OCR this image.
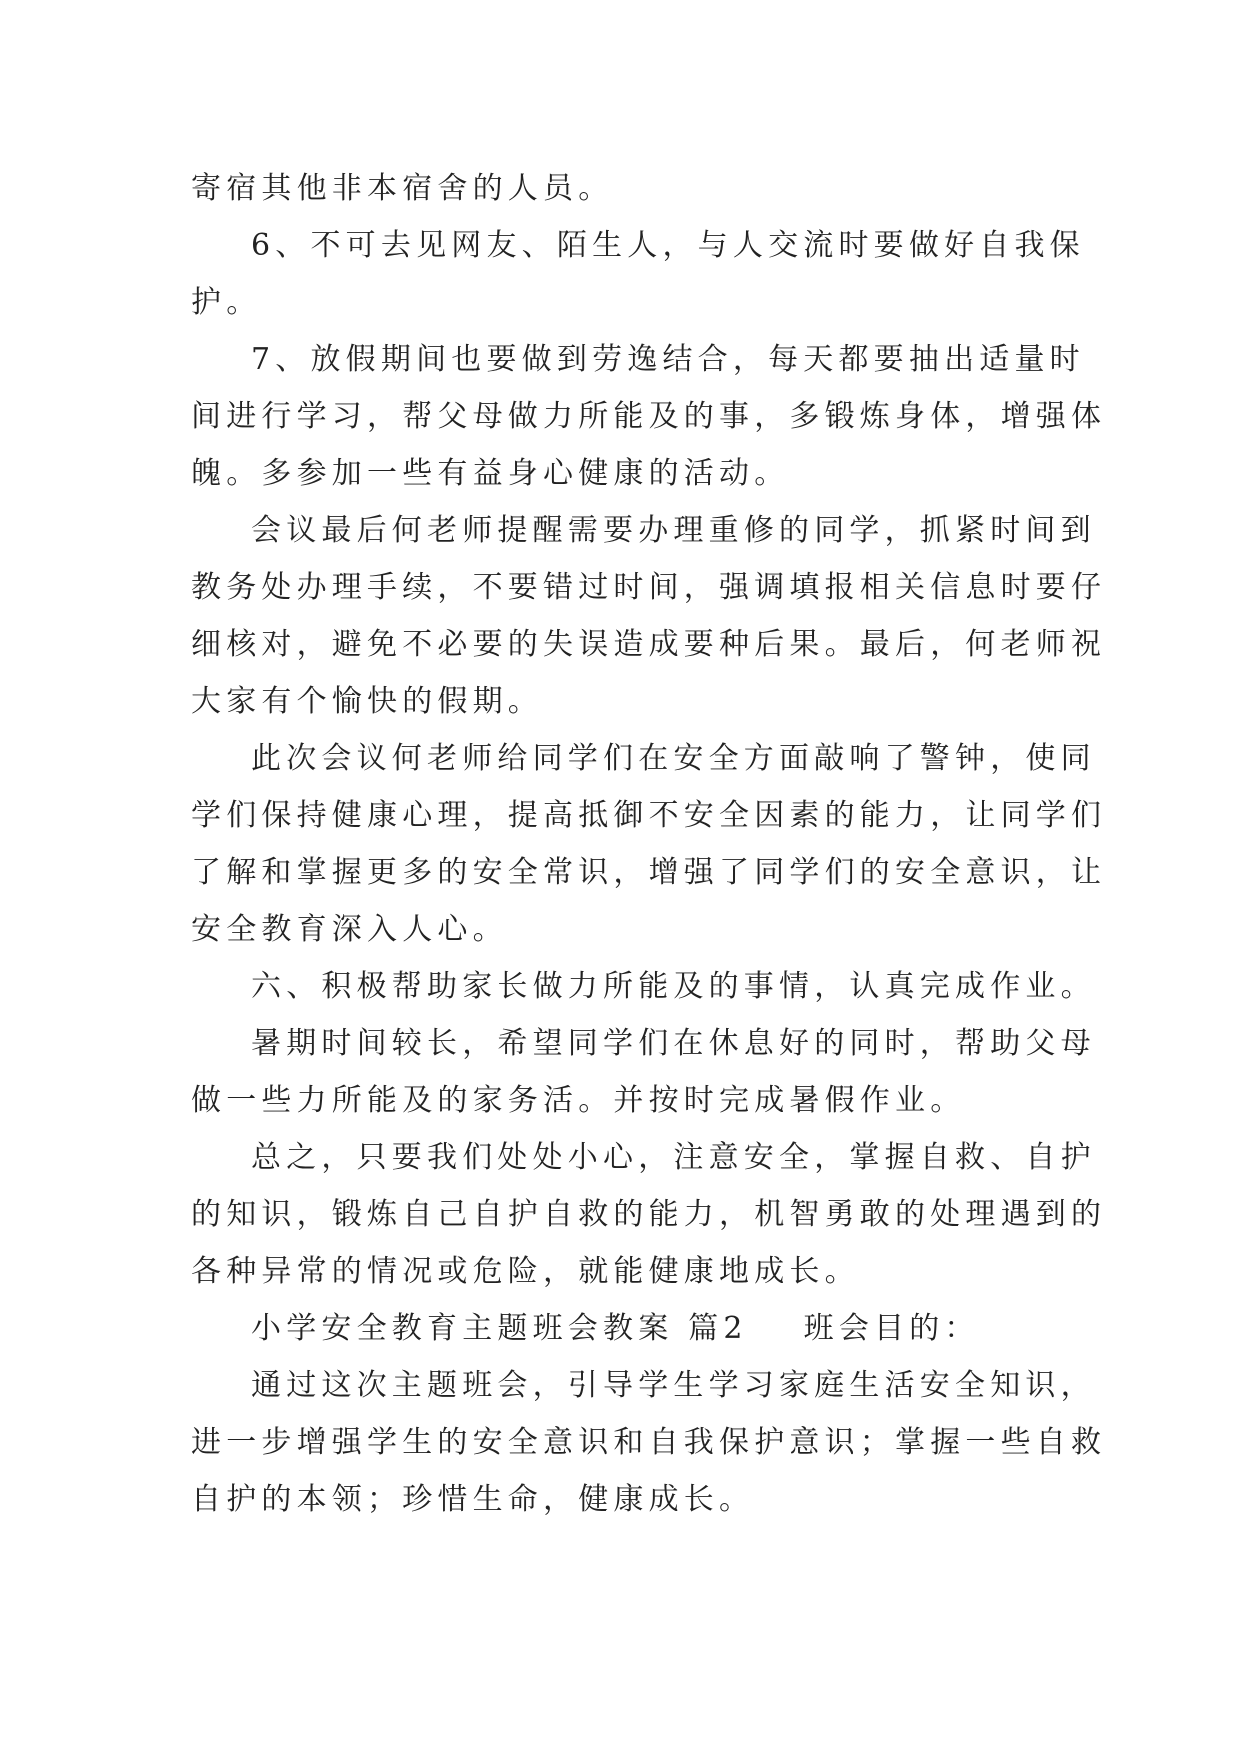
寄宿其他非本宿舍的人员。
6、不可去见网友、陌生人，与人交流时要做好自我保
护。
7、放假期间也要做到劳逸结合，每天都要抽出适量时
间进行学习，帮父母做力所能及的事，多锻炼身体，增强体
魄。多参加一些有益身心健康的活动。
会议最后何老师提醒需要办理重修的同学，抓紧时间到
教务处办理手续，不要错过时间，强调填报相关信息时要仔
细核对，避免不必要的失误造成要种后果。最后，何老师祝
大家有个愉快的假期。
此次会议何老师给同学们在安全方面敲响了警钟，使同
学们保持健康心理，提高抵御不安全因素的能力，让同学们
了解和掌握更多的安全常识，增强了同学们的安全意识，让
安全教育深入人心。
六、积极帮助家长做力所能及的事情，认真完成作业。
暑期时间较长，希望同学们在休息好的同时，帮助父母
做一些力所能及的家务活。并按时完成暑假作业。
总之，只要我们处处小心，注意安全，掌握自救、自护
的知识，锻炼自己自护自救的能力，机智勇敢的处理遇到的
各种异常的情况或危险，就能健康地成长。
小学安全教育主题班会教案 篇2 班会目的：
通过这次主题班会，引导学生学习家庭生活安全知识，
进一步增强学生的安全意识和自我保护意识；掌握一些自救
自护的本领；珍惜生命，健康成长。
